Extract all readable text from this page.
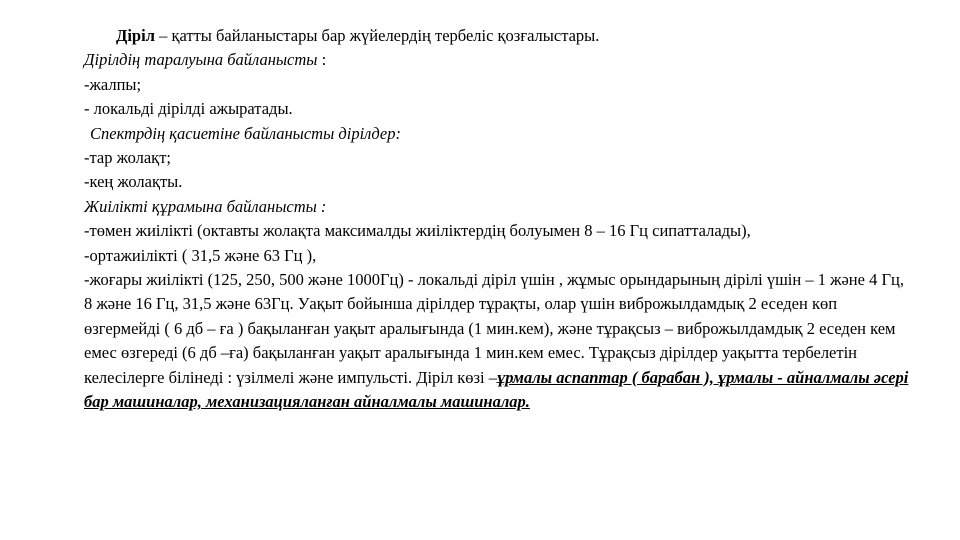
Діріл – қатты байланыстары бар жүйелердің тербеліс қозғалыстары.
Дірілдің таралуына байланысты :
-жалпы;
- локальді дірілді ажыратады.
Спектрдің қасиетіне байланысты дірілдер:
-тар жолақт;
-кең жолақты.
Жиілікті құрамына байланысты :
-төмен жиілікті (октавты жолақта максималды жиіліктердің болуымен 8 – 16 Гц сипатталады),
-ортажиілікті ( 31,5 және 63 Гц ),
-жоғары жиілікті (125, 250, 500 және 1000Гц) - локальді діріл үшін , жұмыс орындарының дірілі үшін – 1 және 4 Гц, 8 және 16 Гц, 31,5 және 63Гц. Уақыт бойынша дірілдер тұрақты, олар үшін виброжылдамдық 2 еседен көп өзгермейді ( 6 дб – ға ) бақыланған уақыт аралығында (1 мин.кем), және тұрақсыз – виброжылдамдық 2 еседен кем емес өзгереді (6 дб –ға) бақыланған уақыт аралығында 1 мин.кем емес. Тұрақсыз дірілдер уақытта тербелетін келесілерге білінеді : үзілмелі және импульсті. Діріл көзі –ұрмалы аспаптар ( барабан ), ұрмалы - айналмалы әсері бар машиналар, механизацияланған айналмалы машиналар.
